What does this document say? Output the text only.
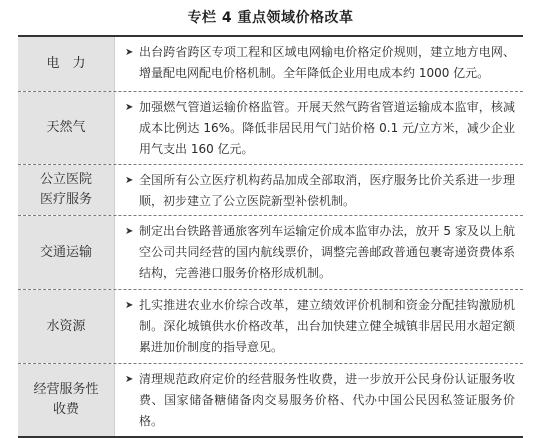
专栏 4 重点领域价格改革
电　力
➤ 出台跨省跨区专项工程和区域电网输电价格定价规则，建立地方电网、增量配电网配电价格机制。全年降低企业用电成本约 1000 亿元。
天然气
➤ 加强燃气管道运输价格监管。开展天然气跨省管道运输成本监审，核减成本比例达 16%。降低非居民用气门站价格 0.1 元/立方米，减少企业用气支出 160 亿元。
公立医院
医疗服务
➤ 全国所有公立医疗机构药品加成全部取消，医疗服务比价关系进一步理顺，初步建立了公立医院新型补偿机制。
交通运输
➤ 制定出台铁路普通旅客列车运输定价成本监审办法，放开 5 家及以上航空公司共同经营的国内航线票价，调整完善邮政普通包裹寄递资费体系结构，完善港口服务价格形成机制。
水资源
➤ 扎实推进农业水价综合改革，建立绩效评价机制和资金分配挂钩激励机制。深化城镇供水价格改革，出台加快建立健全城镇非居民用水超定额累进加价制度的指导意见。
经营服务性
收费
➤ 清理规范政府定价的经营服务性收费，进一步放开公民身份认证服务收费、国家储备糖储备肉交易服务价格、代办中国公民因私签证服务价格。
